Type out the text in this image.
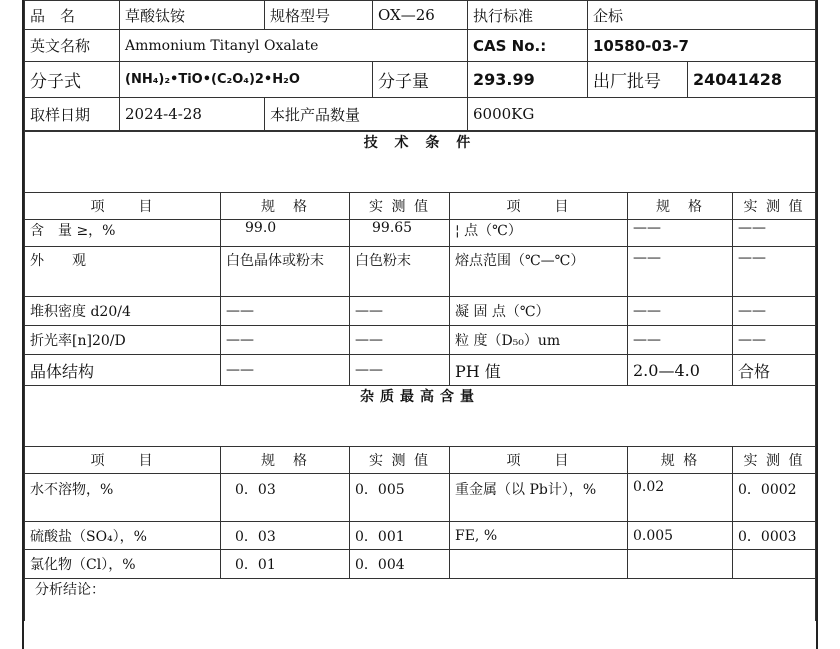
品　名	草酸钛铵	规格型号	OX—26	执行标准	企标	
英文名称	Ammonium Titanyl Oxalate			CAS No.:	10580-03-7	
分子式	(NH₄)₂•TiO•(C₂O₄)2•H₂O		分子量	293.99	出厂批号	24041428
取样日期	2024-4-28	本批产品数量		6000KG		
技 术 条 件					
项　　目	规　格	实 测 值	项　　目	规　格	实 测 值
含　量 ≥，%	99.0	99.65	¦ 点（℃）	——	——
外　　观	白色晶体或粉末	白色粉末	熔点范围（℃—℃）	——	——
堆积密度 d20/4	——	——	凝 固 点（℃）	——	——
折光率[n]20/D	——	——	粒 度（D₅₀）um	——	——
晶体结构	——	——	PH 值	2.0—4.0	合格
杂质最高含量					
项　　目	规　格	实 测 值	项　　目	规 格	实 测 值
水不溶物，%	0．03	0．005	重金属（以 Pb计），%	0.02	0．0002
硫酸盐（SO₄），%	0．03	0．001	FE, %	0.005	0．0003
氯化物（Cl），%	0．01	0．004			
分析结论：					
